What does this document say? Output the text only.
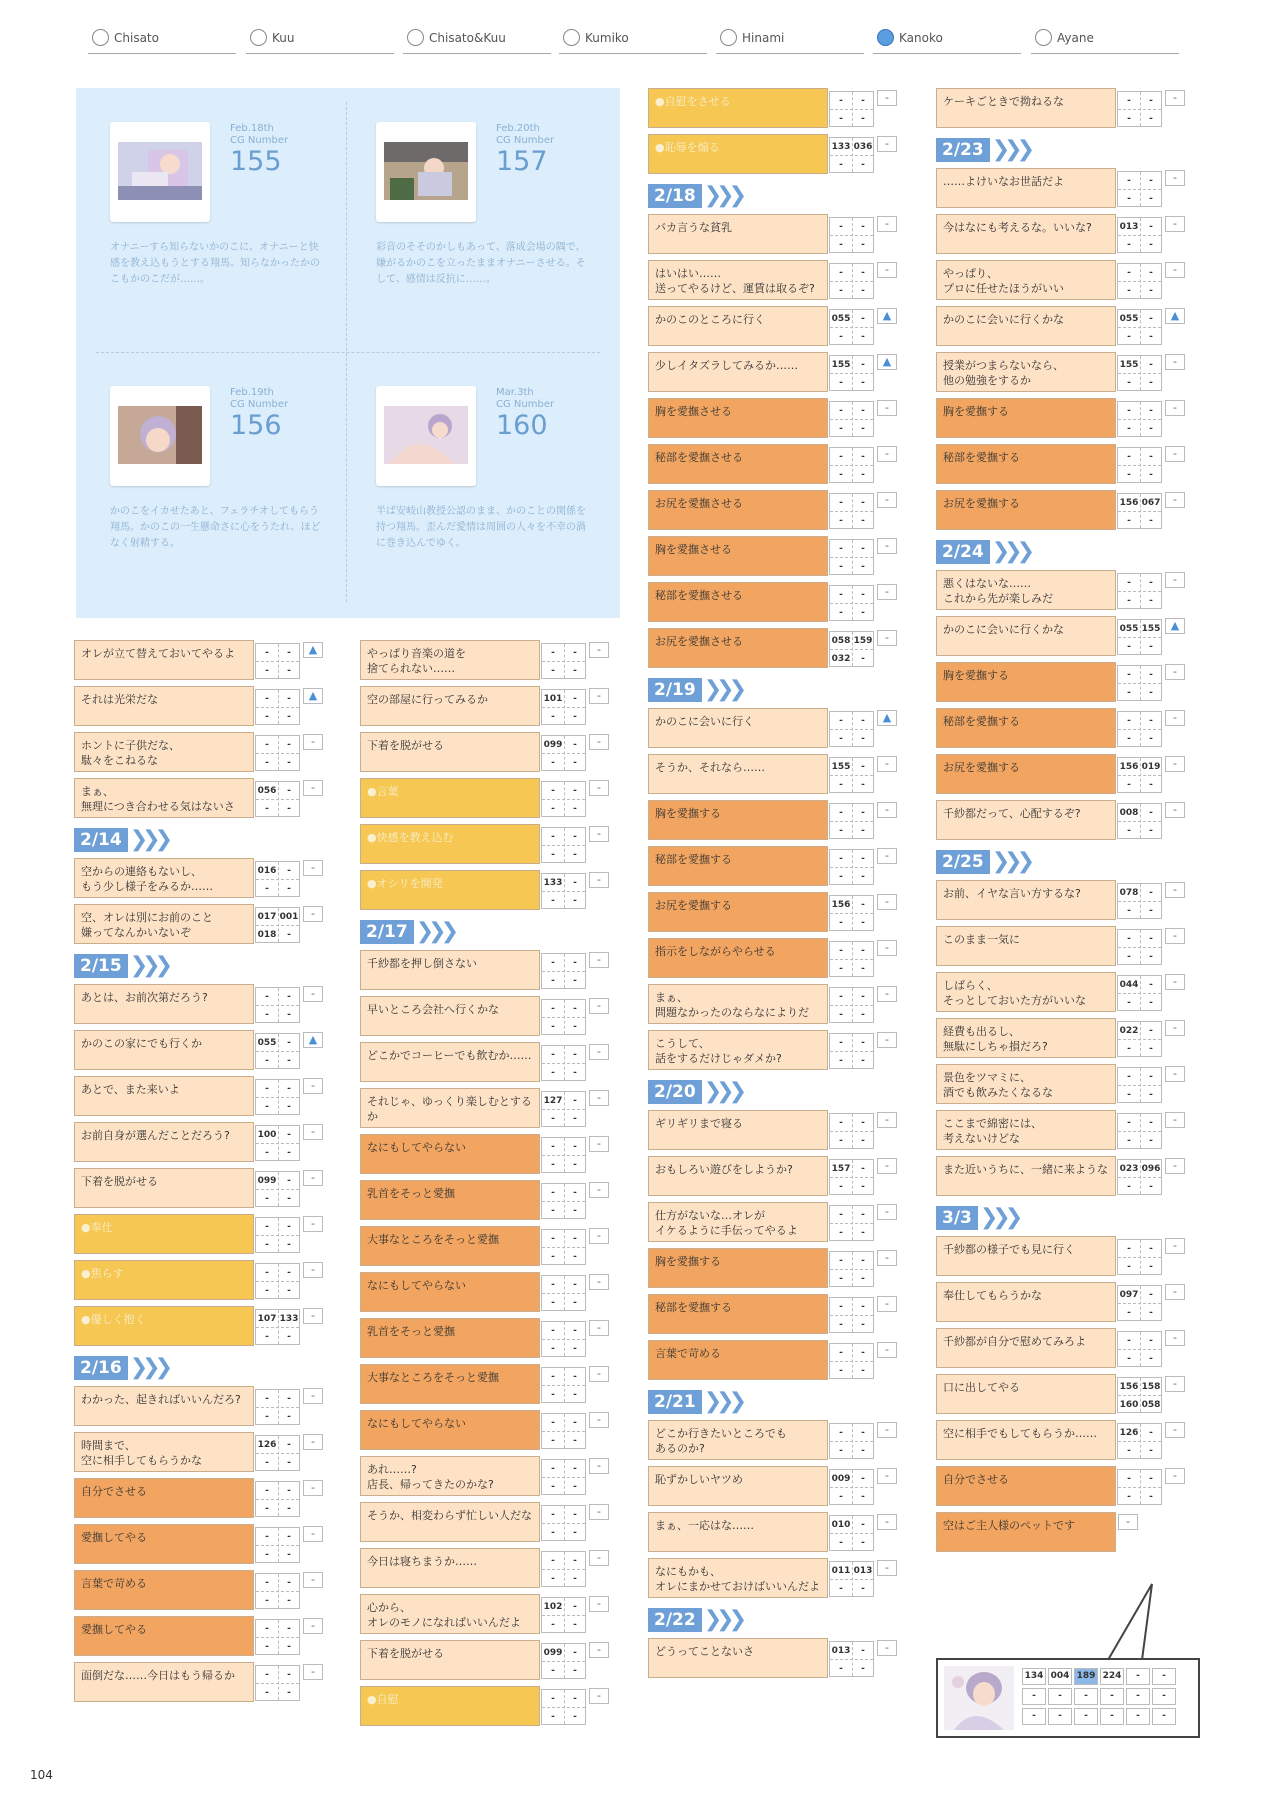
Chisato	Kuu	Chisato&Kuu	Kumiko	Hinami	Kanoko	Ayane
Feb.18th
CG Number
155
オナニーすら知らないかのこに、オナニーと快感を教え込もうとする翔馬。知らなかったかのこもかのこだが……。
Feb.20th
CG Number
157
彩音のそそのかしもあって、落成会場の隅で、嫌がるかのこを立ったままオナニーさせる。そして、感情は反抗に……。
Feb.19th
CG Number
156
かのこをイカせたあと、フェラチオしてもらう翔馬。かのこの一生懸命さに心をうたれ、ほどなく射精する。
Mar.3th
CG Number
160
半ば安岐山教授公認のまま、かのことの関係を持つ翔馬。歪んだ愛情は周囲の人々を不幸の渦に巻き込んでゆく。
オレが立て替えておいてやるよ	-	-
-	-
▲
それは光栄だな	-	-
-	-
▲
ホントに子供だな、
駄々をこねるな
-	-
-	-
-
まぁ、
無理につき合わせる気はないさ
056	-
-	-
-
2/14 ❯❯❯
空からの連絡もないし、
もう少し様子をみるか……
016	-
-	-
-
空、オレは別にお前のこと
嫌ってなんかいないぞ
017 001
018	-
-
2/15 ❯❯❯
あとは、お前次第だろう?	-	-
-	-
-
かのこの家にでも行くか	055	-
-	-
▲
あとで、また来いよ	-	-
-	-
-
お前自身が選んだことだろう?	100	-
-	-
-
下着を脱がせる	099	-
-	-
-
●奉仕	-	-
-	-
-
●焦らす	-	-
-	-
-
●優しく抱く	107 133
-	-
-
2/16 ❯❯❯
わかった、起きればいいんだろ?	-	-
-	-
-
時間まで、
空に相手してもらうかな
126	-
-	-
-
自分でさせる	-	-
-	-
-
愛撫してやる	-	-
-	-
-
言葉で苛める	-	-
-	-
-
愛撫してやる	-	-
-	-
-
面倒だな……今日はもう帰るか	-	-
-	-
-
やっぱり音楽の道を
捨てられない……
-	-
-	-
-
空の部屋に行ってみるか	101	-
-	-
-
下着を脱がせる	099	-
-	-
-
●言葉	-	-
-	-
-
●快感を教え込む	-	-
-	-
-
●オシリを開発	133	-
-	-
-
2/17 ❯❯❯
千紗都を押し倒さない	-	-
-	-
-
早いところ会社へ行くかな	-	-
-	-
-
どこかでコーヒーでも飲むか……	-	-
-	-
-
それじゃ、ゆっくり楽しむとするか
127	-
-	-
-
なにもしてやらない	-	-
-	-
-
乳首をそっと愛撫	-	-
-	-
-
大事なところをそっと愛撫	-	-
-	-
-
なにもしてやらない	-	-
-	-
-
乳首をそっと愛撫	-	-
-	-
-
大事なところをそっと愛撫	-	-
-	-
-
なにもしてやらない	-	-
-	-
-
あれ……?
店長、帰ってきたのかな?
-	-
-	-
-
そうか、相変わらず忙しい人だな	-	-
-	-
-
今日は寝ちまうか……	-	-
-	-
-
心から、
オレのモノになればいいんだよ
102	-
-	-
-
下着を脱がせる	099	-
-	-
-
●自慰	-	-
-	-
-
●自慰をさせる	-	-
-	-
-
●恥辱を煽る	133 036
-	-
-
2/18 ❯❯❯
バカ言うな貧乳	-	-
-	-
-
はいはい……
送ってやるけど、運賃は取るぞ?
-	-
-	-
-
かのこのところに行く	055	-
-	-
▲
少しイタズラしてみるか……	155	-
-	-
▲
胸を愛撫させる	-	-
-	-
-
秘部を愛撫させる	-	-
-	-
-
お尻を愛撫させる	-	-
-	-
-
胸を愛撫させる	-	-
-	-
-
秘部を愛撫させる	-	-
-	-
-
お尻を愛撫させる	058 159
032	-
-
2/19 ❯❯❯
かのこに会いに行く	-	-
-	-
▲
そうか、それなら……	155	-
-	-
-
胸を愛撫する	-	-
-	-
-
秘部を愛撫する	-	-
-	-
-
お尻を愛撫する	156	-
-	-
-
指示をしながらやらせる	-	-
-	-
-
まぁ、
問題なかったのならなによりだ
-	-
-	-
-
こうして、
話をするだけじゃダメか?
-	-
-	-
-
2/20 ❯❯❯
ギリギリまで寝る	-	-
-	-
-
おもしろい遊びをしようか?	157	-
-	-
-
仕方がないな…オレが
イケるように手伝ってやるよ
-	-
-	-
-
胸を愛撫する	-	-
-	-
-
秘部を愛撫する	-	-
-	-
-
言葉で苛める	-	-
-	-
-
2/21 ❯❯❯
どこか行きたいところでも
あるのか?
-	-
-	-
-
恥ずかしいヤツめ	009	-
-	-
-
まぁ、一応はな……	010	-
-	-
-
なにもかも、
オレにまかせておけばいいんだよ
011 013
-	-
-
2/22 ❯❯❯
どうってことないさ	013	-
-	-
-
ケーキごときで拗ねるな	-	-
-	-
-
2/23 ❯❯❯
……よけいなお世話だよ	-	-
-	-
-
今はなにも考えるな。いいな?	013	-
-	-
-
やっぱり、
プロに任せたほうがいい
-	-
-	-
-
かのこに会いに行くかな	055	-
-	-
▲
授業がつまらないなら、
他の勉強をするか
155	-
-	-
-
胸を愛撫する	-	-
-	-
-
秘部を愛撫する	-	-
-	-
-
お尻を愛撫する	156 067
-	-
-
2/24 ❯❯❯
悪くはないな……
これから先が楽しみだ
-	-
-	-
-
かのこに会いに行くかな	055 155
-	-
▲
胸を愛撫する	-	-
-	-
-
秘部を愛撫する	-	-
-	-
-
お尻を愛撫する	156 019
-	-
-
千紗都だって、心配するぞ?	008	-
-	-
-
2/25 ❯❯❯
お前、イヤな言い方するな?	078	-
-	-
-
このまま一気に	-	-
-	-
-
しばらく、
そっとしておいた方がいいな
044	-
-	-
-
経費も出るし、
無駄にしちゃ損だろ?
022	-
-	-
-
景色をツマミに、
酒でも飲みたくなるな
-	-
-	-
-
ここまで綿密には、
考えないけどな
-	-
-	-
-
また近いうちに、一緒に来ような	023 096
-	-
-
3/3 ❯❯❯
千紗都の様子でも見に行く	-	-
-	-
-
奉仕してもらうかな	097	-
-	-
-
千紗都が自分で慰めてみろよ	-	-
-	-
-
口に出してやる	156 158
160 058
-
空に相手でもしてもらうか……	126	-
-	-
-
自分でさせる	-	-
-	-
-
空はご主人様のペットです	-
134 004 189 224	-	-
-	-	-	-	-	-
-	-	-	-	-	-
104
